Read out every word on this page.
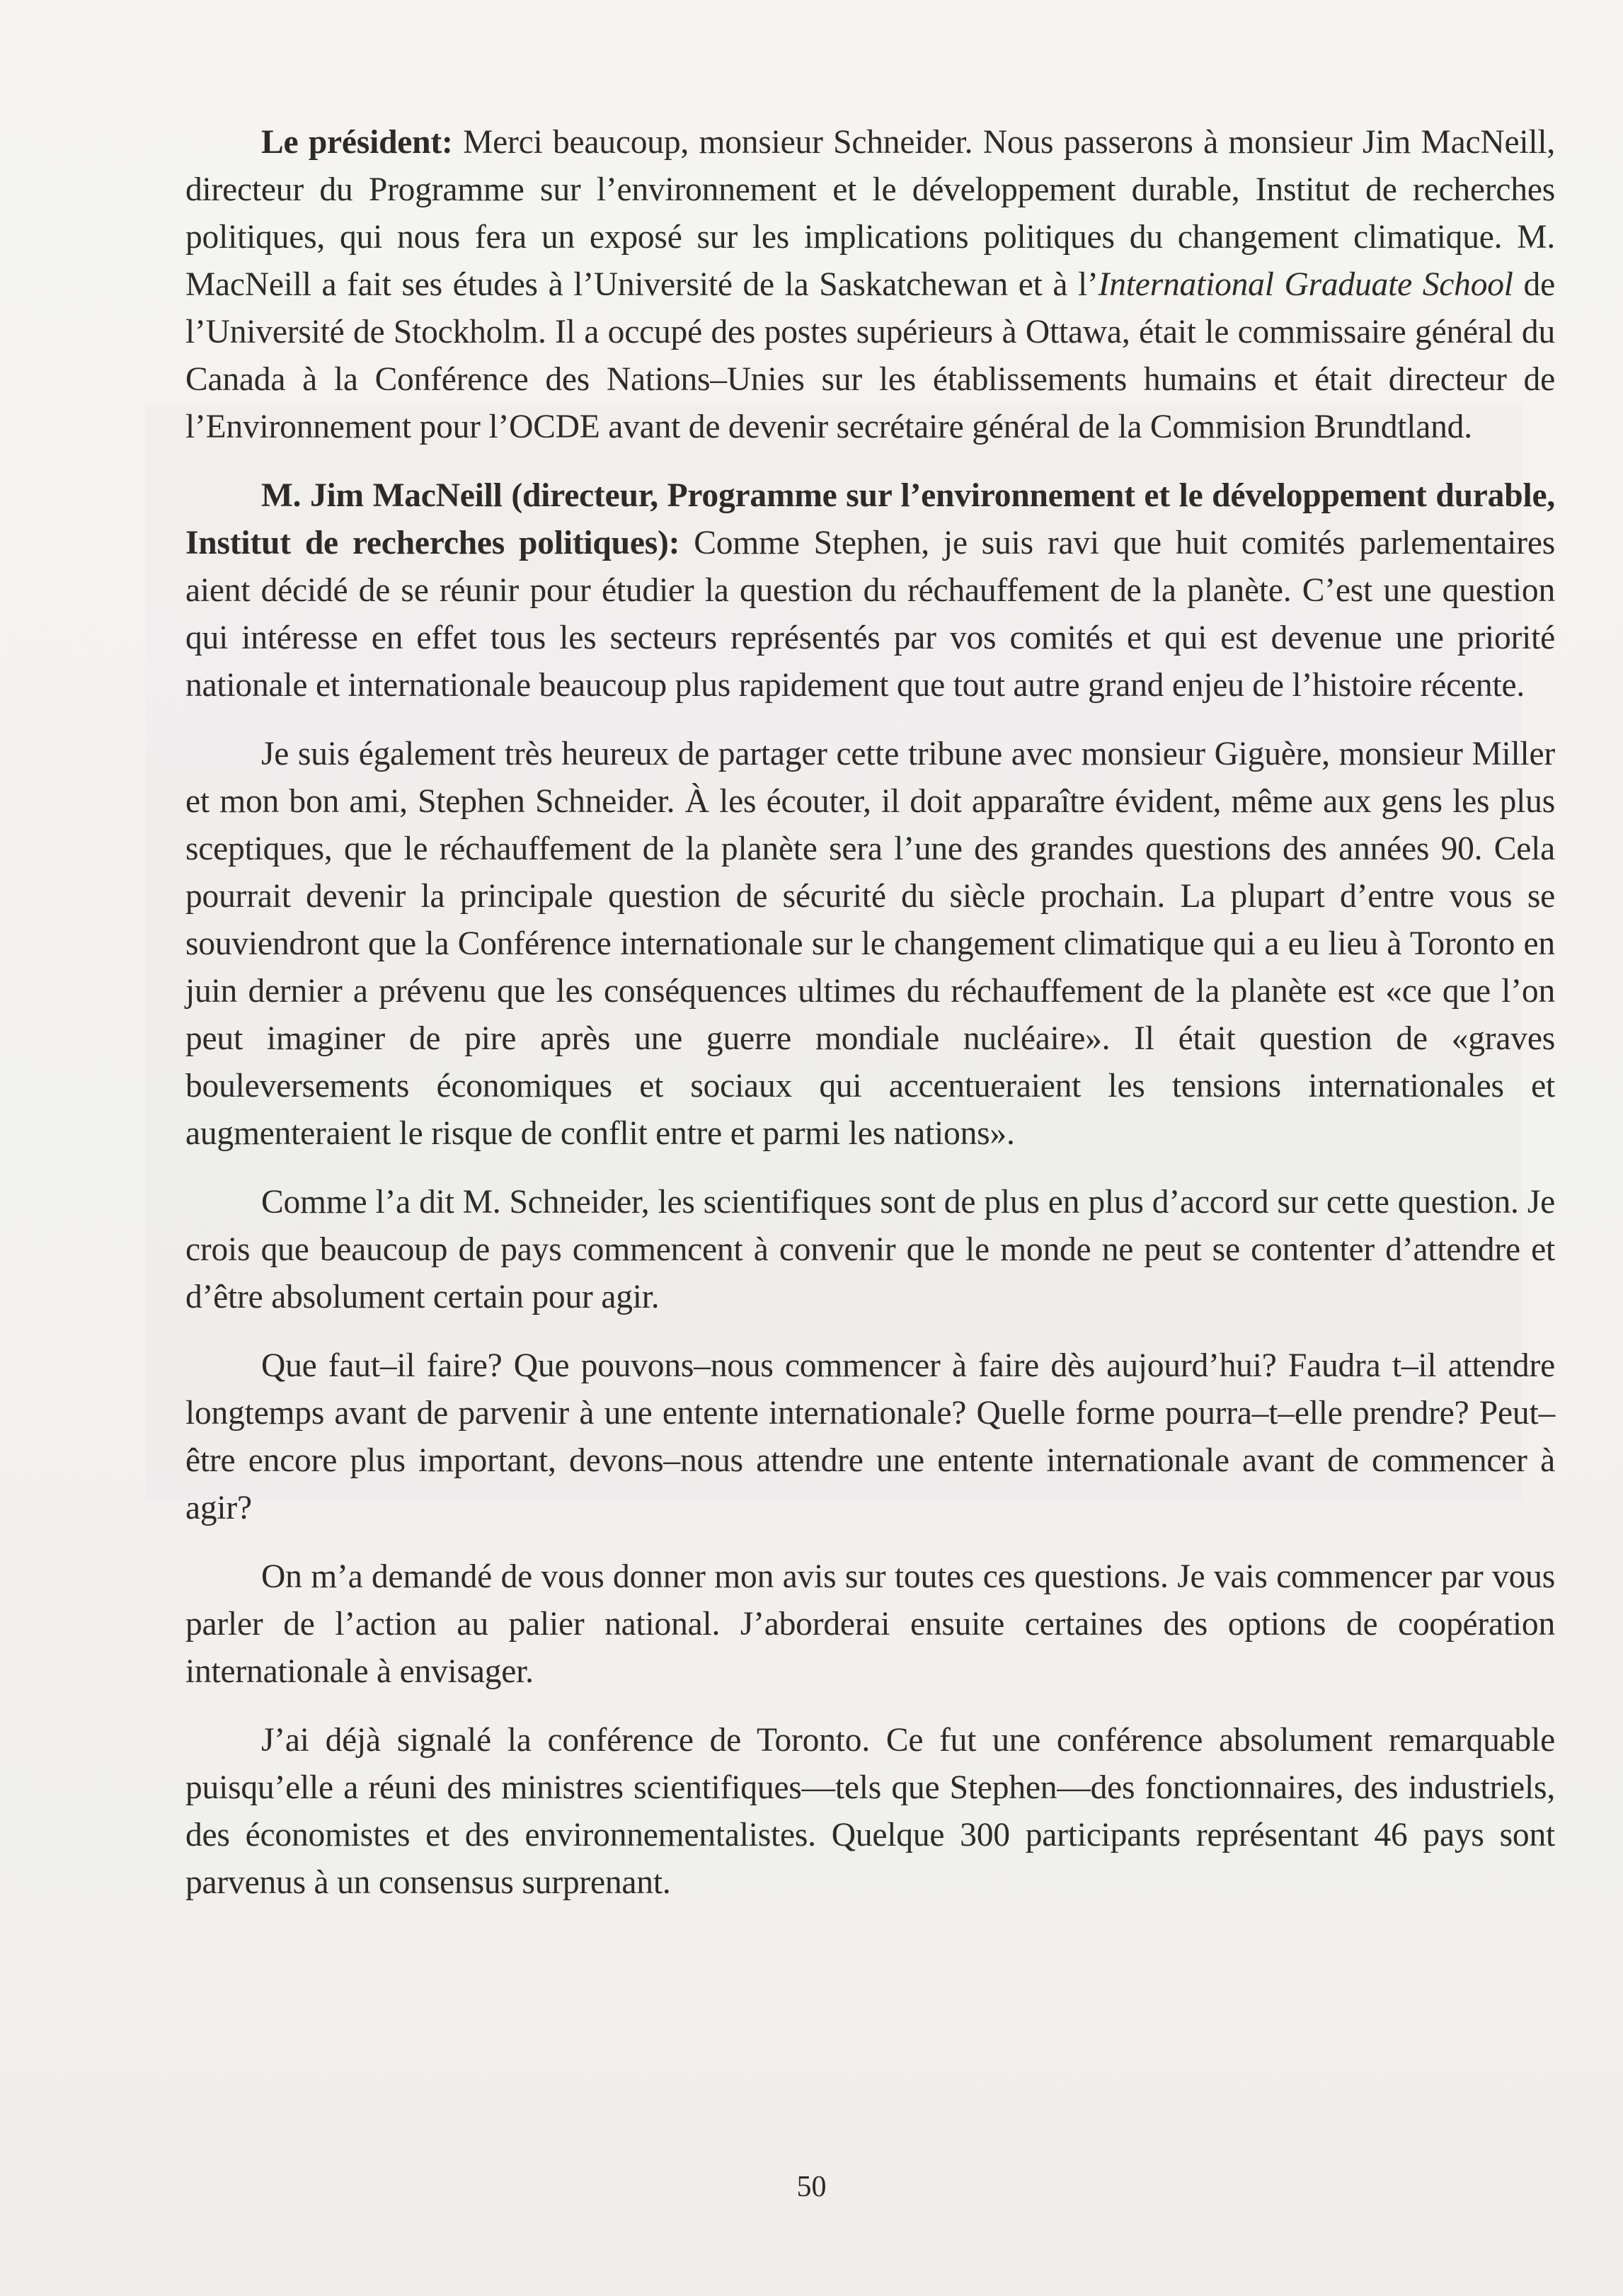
Le président: Merci beaucoup, monsieur Schneider. Nous passerons à monsieur Jim MacNeill, directeur du Programme sur l’environnement et le développement durable, Institut de recherches politiques, qui nous fera un exposé sur les implications politiques du changement climatique. M. MacNeill a fait ses études à l’Université de la Saskatchewan et à l’International Graduate School de l’Université de Stockholm. Il a occupé des postes supérieurs à Ottawa, était le commissaire général du Canada à la Conférence des Nations–Unies sur les établissements humains et était directeur de l’Environnement pour l’OCDE avant de devenir secrétaire général de la Commision Brundtland.

M. Jim MacNeill (directeur, Programme sur l’environnement et le développement durable, Institut de recherches politiques): Comme Stephen, je suis ravi que huit comités parlementaires aient décidé de se réunir pour étudier la question du réchauffement de la planète. C’est une question qui intéresse en effet tous les secteurs représentés par vos comités et qui est devenue une priorité nationale et internationale beaucoup plus rapidement que tout autre grand enjeu de l’histoire récente.

Je suis également très heureux de partager cette tribune avec monsieur Giguère, monsieur Miller et mon bon ami, Stephen Schneider. À les écouter, il doit apparaître évident, même aux gens les plus sceptiques, que le réchauffement de la planète sera l’une des grandes questions des années 90. Cela pourrait devenir la principale question de sécurité du siècle prochain. La plupart d’entre vous se souviendront que la Conférence internationale sur le changement climatique qui a eu lieu à Toronto en juin dernier a prévenu que les conséquences ultimes du réchauffement de la planète est «ce que l’on peut imaginer de pire après une guerre mondiale nucléaire». Il était question de «graves bouleversements économiques et sociaux qui accentueraient les tensions internationales et augmenteraient le risque de conflit entre et parmi les nations».

Comme l’a dit M. Schneider, les scientifiques sont de plus en plus d’accord sur cette question. Je crois que beaucoup de pays commencent à convenir que le monde ne peut se contenter d’attendre et d’être absolument certain pour agir.

Que faut–il faire? Que pouvons–nous commencer à faire dès aujourd’hui? Faudra t–il attendre longtemps avant de parvenir à une entente internationale? Quelle forme pourra–t–elle prendre? Peut–être encore plus important, devons–nous attendre une entente internationale avant de commencer à agir?

On m’a demandé de vous donner mon avis sur toutes ces questions. Je vais commencer par vous parler de l’action au palier national. J’aborderai ensuite certaines des options de coopération internationale à envisager.

J’ai déjà signalé la conférence de Toronto. Ce fut une conférence absolument remarquable puisqu’elle a réuni des ministres scientifiques—tels que Stephen—des fonctionnaires, des industriels, des économistes et des environnementalistes. Quelque 300 participants représentant 46 pays sont parvenus à un consensus surprenant.

50
